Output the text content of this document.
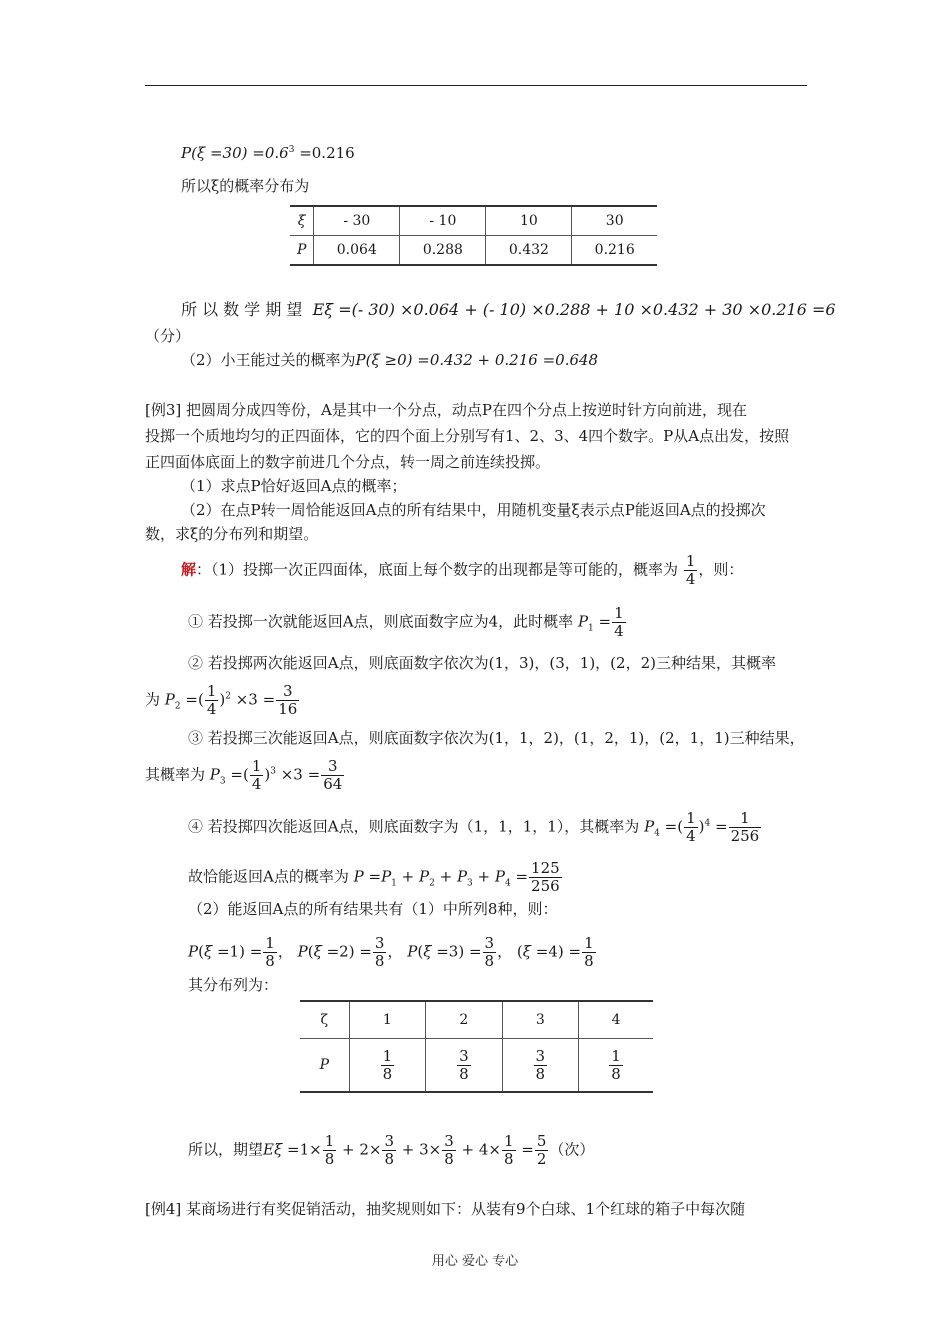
$P(\xi =30) =0.6^3 =0.216$
所以ξ的概率分布为
ξ	- 30	- 10	10	30
P	0.064	0.288	0.432	0.216
所 以 数 学 期 望 Eξ =(- 30) ×0.064 + (- 10) ×0.288 + 10 ×0.432 + 30 ×0.216 =6
（分）
（2）小王能过关的概率为P(ξ ≥0) =0.432 + 0.216 =0.648
[例3] 把圆周分成四等份，A是其中一个分点，动点P在四个分点上按逆时针方向前进，现在
投掷一个质地均匀的正四面体，它的四个面上分别写有1、2、3、4四个数字。P从A点出发，按照
正四面体底面上的数字前进几个分点，转一周之前连续投掷。
（1）求点P恰好返回A点的概率；
（2）在点P转一周恰能返回A点的所有结果中，用随机变量ξ表示点P能返回A点的投掷次
数，求ξ的分布列和期望。
解：（1）投掷一次正四面体，底面上每个数字的出现都是等可能的，概率为 $\frac{1}{4}$ ，则：
① 若投掷一次就能返回A点，则底面数字应为4，此时概率 $P_1 = \frac{1}{4}$
② 若投掷两次能返回A点，则底面数字依次为(1，3)，(3，1)，(2，2)三种结果，其概率
为 $P_2$ =( $\frac{1}{4} )^2 \times 3 = \frac{3}{16}$
③ 若投掷三次能返回A点，则底面数字依次为(1，1，2)，(1，2，1)，(2，1，1)三种结果，
其概率为 $P_3$ =( $\frac{1}{4} )^3 \times 3 = \frac{3}{64}$
④ 若投掷四次能返回A点，则底面数字为（1，1，1，1），其概率为 $P_4$ =( $\frac{1}{4} )^4 = \frac{1}{256}$
故恰能返回A点的概率为 $P =P_1 + P_2 + P_3 + P_4 = \frac{125}{256}$
（2）能返回A点的所有结果共有（1）中所列8种，则：
$P(\xi =1) = \frac{1}{8}$ ， $P(\xi =2) = \frac{3}{8}$ ， $P(\xi =3) = \frac{3}{8}$ ， $(\xi =4) = \frac{1}{8}$
其分布列为：
ζ	1	2	3	4
P	$\frac{1}{8}$	$\frac{3}{8}$	$\frac{3}{8}$	$\frac{1}{8}$
所以，期望$E\xi =1\times \frac{1}{8} + 2\times \frac{3}{8} + 3\times \frac{3}{8} + 4\times \frac{1}{8} = \frac{5}{2}$ （次）
[例4] 某商场进行有奖促销活动，抽奖规则如下：从装有9个白球、1个红球的箱子中每次随
用心 爱心 专心
